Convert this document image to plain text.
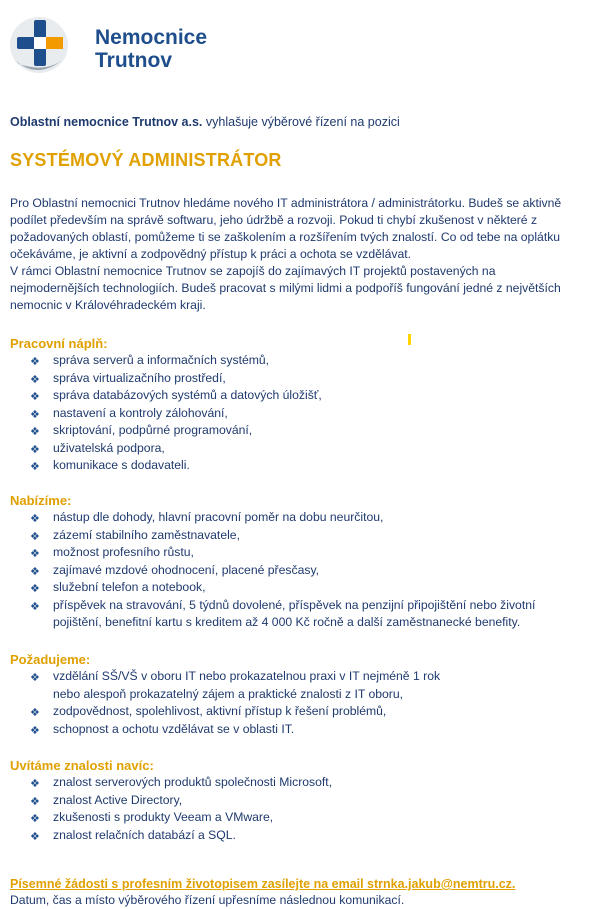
Nemocnice
Trutnov
Oblastní nemocnice Trutnov a.s. vyhlašuje výběrové řízení na pozici
SYSTÉMOVÝ ADMINISTRÁTOR
Pro Oblastní nemocnici Trutnov hledáme nového IT administrátora / administrátorku. Budeš se aktivně
podílet především na správě softwaru, jeho údržbě a rozvoji. Pokud ti chybí zkušenost v některé z
požadovaných oblastí, pomůžeme ti se zaškolením a rozšířením tvých znalostí. Co od tebe na oplátku
očekáváme, je aktivní a zodpovědný přístup k práci a ochota se vzdělávat.
V rámci Oblastní nemocnice Trutnov se zapojíš do zajímavých IT projektů postavených na
nejmodernějších technologiích. Budeš pracovat s milými lidmi a podpoříš fungování jedné z největších
nemocnic v Královéhradeckém kraji.

Pracovní náplň:

❖ správa serverů a informačních systémů,
❖ správa virtualizačního prostředí,
❖ správa databázových systémů a datových úložišť,
❖ nastavení a kontroly zálohování,
❖ skriptování, podpůrné programování,
❖ uživatelská podpora,
❖ komunikace s dodavateli.

Nabízíme:

❖ nástup dle dohody, hlavní pracovní poměr na dobu neurčitou,
❖ zázemí stabilního zaměstnavatele,
❖ možnost profesního růstu,
❖ zajímavé mzdové ohodnocení, placené přesčasy,
❖ služební telefon a notebook,
❖ příspěvek na stravování, 5 týdnů dovolené, příspěvek na penzijní připojištění nebo životní
pojištění, benefitní kartu s kreditem až 4 000 Kč ročně a další zaměstnanecké benefity.

Požadujeme:

❖ vzdělání SŠ/VŠ v oboru IT nebo prokazatelnou praxi v IT nejméně 1 rok
nebo alespoň prokazatelný zájem a praktické znalosti z IT oboru,
❖ zodpovědnost, spolehlivost, aktivní přístup k řešení problémů,
❖ schopnost a ochotu vzdělávat se v oblasti IT.

Uvítáme znalosti navíc:

❖ znalost serverových produktů společnosti Microsoft,
❖ znalost Active Directory,
❖ zkušenosti s produkty Veeam a VMware,
❖ znalost relačních databází a SQL.
Písemné žádosti s profesním životopisem zasílejte na email strnka.jakub@nemtru.cz.
Datum, čas a místo výběrového řízení upřesníme následnou komunikací.
